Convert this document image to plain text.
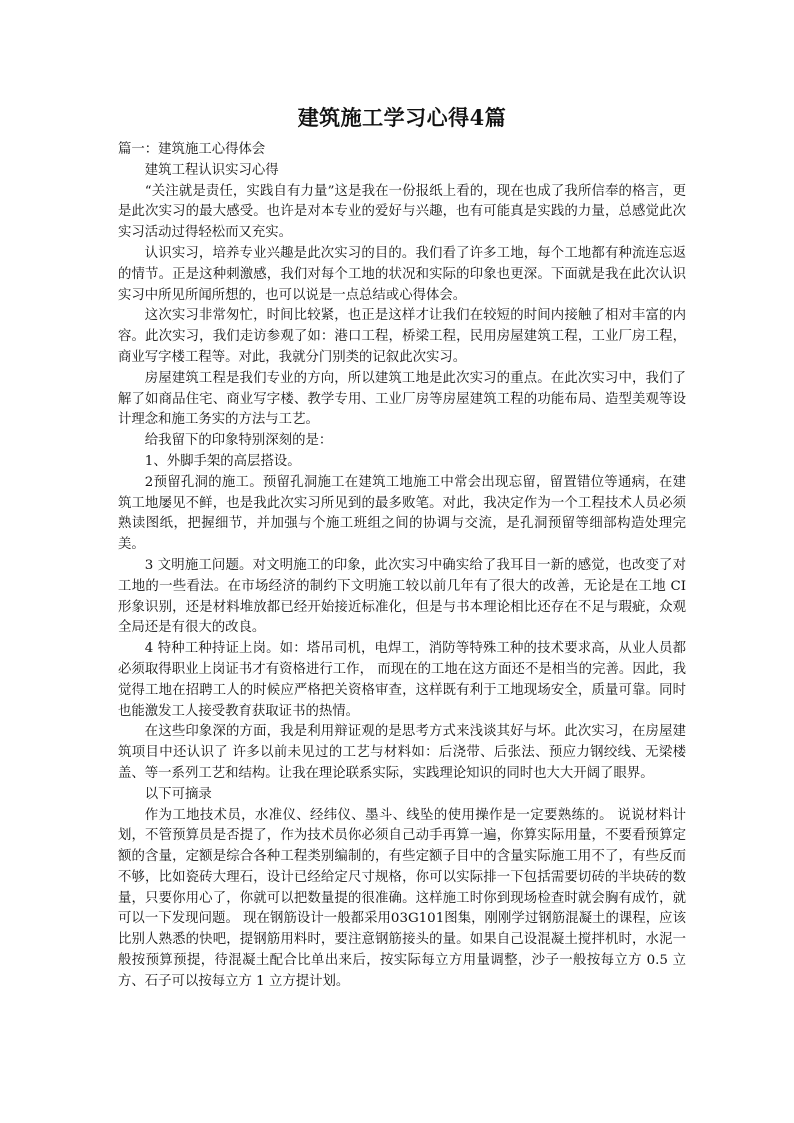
建筑施工学习心得4篇

篇一：建筑施工心得体会

建筑工程认识实习心得

“关注就是责任，实践自有力量”这是我在一份报纸上看的，现在也成了我所信奉的格言，更是此次实习的最大感受。也许是对本专业的爱好与兴趣，也有可能真是实践的力量，总感觉此次实习活动过得轻松而又充实。

认识实习，培养专业兴趣是此次实习的目的。我们看了许多工地，每个工地都有种流连忘返的情节。正是这种刺激感，我们对每个工地的状况和实际的印象也更深。下面就是我在此次认识实习中所见所闻所想的，也可以说是一点总结或心得体会。

这次实习非常匆忙，时间比较紧，也正是这样才让我们在较短的时间内接触了相对丰富的内容。此次实习，我们走访参观了如：港口工程，桥梁工程，民用房屋建筑工程，工业厂房工程，商业写字楼工程等。对此，我就分门别类的记叙此次实习。

房屋建筑工程是我们专业的方向，所以建筑工地是此次实习的重点。在此次实习中，我们了解了如商品住宅、商业写字楼、教学专用、工业厂房等房屋建筑工程的功能布局、造型美观等设计理念和施工务实的方法与工艺。

给我留下的印象特别深刻的是：

1、外脚手架的高层搭设。

2预留孔洞的施工。预留孔洞施工在建筑工地施工中常会出现忘留，留置错位等通病，在建筑工地屡见不鲜，也是我此次实习所见到的最多败笔。对此，我决定作为一个工程技术人员必须熟读图纸，把握细节，并加强与个施工班组之间的协调与交流，是孔洞预留等细部构造处理完美。

3 文明施工问题。对文明施工的印象，此次实习中确实给了我耳目一新的感觉，也改变了对工地的一些看法。在市场经济的制约下文明施工较以前几年有了很大的改善，无论是在工地 CI 形象识别，还是材料堆放都已经开始接近标准化，但是与书本理论相比还存在不足与瑕疵，众观全局还是有很大的改良。

4 特种工种持证上岗。如：塔吊司机，电焊工，消防等特殊工种的技术要求高，从业人员都必须取得职业上岗证书才有资格进行工作， 而现在的工地在这方面还不是相当的完善。因此，我觉得工地在招聘工人的时候应严格把关资格审查，这样既有利于工地现场安全，质量可靠。同时也能激发工人接受教育获取证书的热情。

在这些印象深的方面，我是利用辩证观的是思考方式来浅谈其好与坏。此次实习，在房屋建筑项目中还认识了 许多以前未见过的工艺与材料如：后浇带、后张法、预应力钢绞线、无梁楼盖、等一系列工艺和结构。让我在理论联系实际，实践理论知识的同时也大大开阔了眼界。

以下可摘录

作为工地技术员，水准仪、经纬仪、墨斗、线坠的使用操作是一定要熟练的。 说说材料计划，不管预算员是否提了，作为技术员你必须自己动手再算一遍，你算实际用量，不要看预算定额的含量，定额是综合各种工程类别编制的，有些定额子目中的含量实际施工用不了，有些反而不够，比如瓷砖大理石，设计已经给定尺寸规格，你可以实际排一下包括需要切砖的半块砖的数量，只要你用心了，你就可以把数量提的很准确。这样施工时你到现场检查时就会胸有成竹，就可以一下发现问题。 现在钢筋设计一般都采用03G101图集，刚刚学过钢筋混凝土的课程，应该比别人熟悉的快吧，提钢筋用料时，要注意钢筋接头的量。如果自己设混凝土搅拌机时，水泥一般按预算预提，待混凝土配合比单出来后，按实际每立方用量调整，沙子一般按每立方 0.5 立方、石子可以按每立方 1 立方提计划。
